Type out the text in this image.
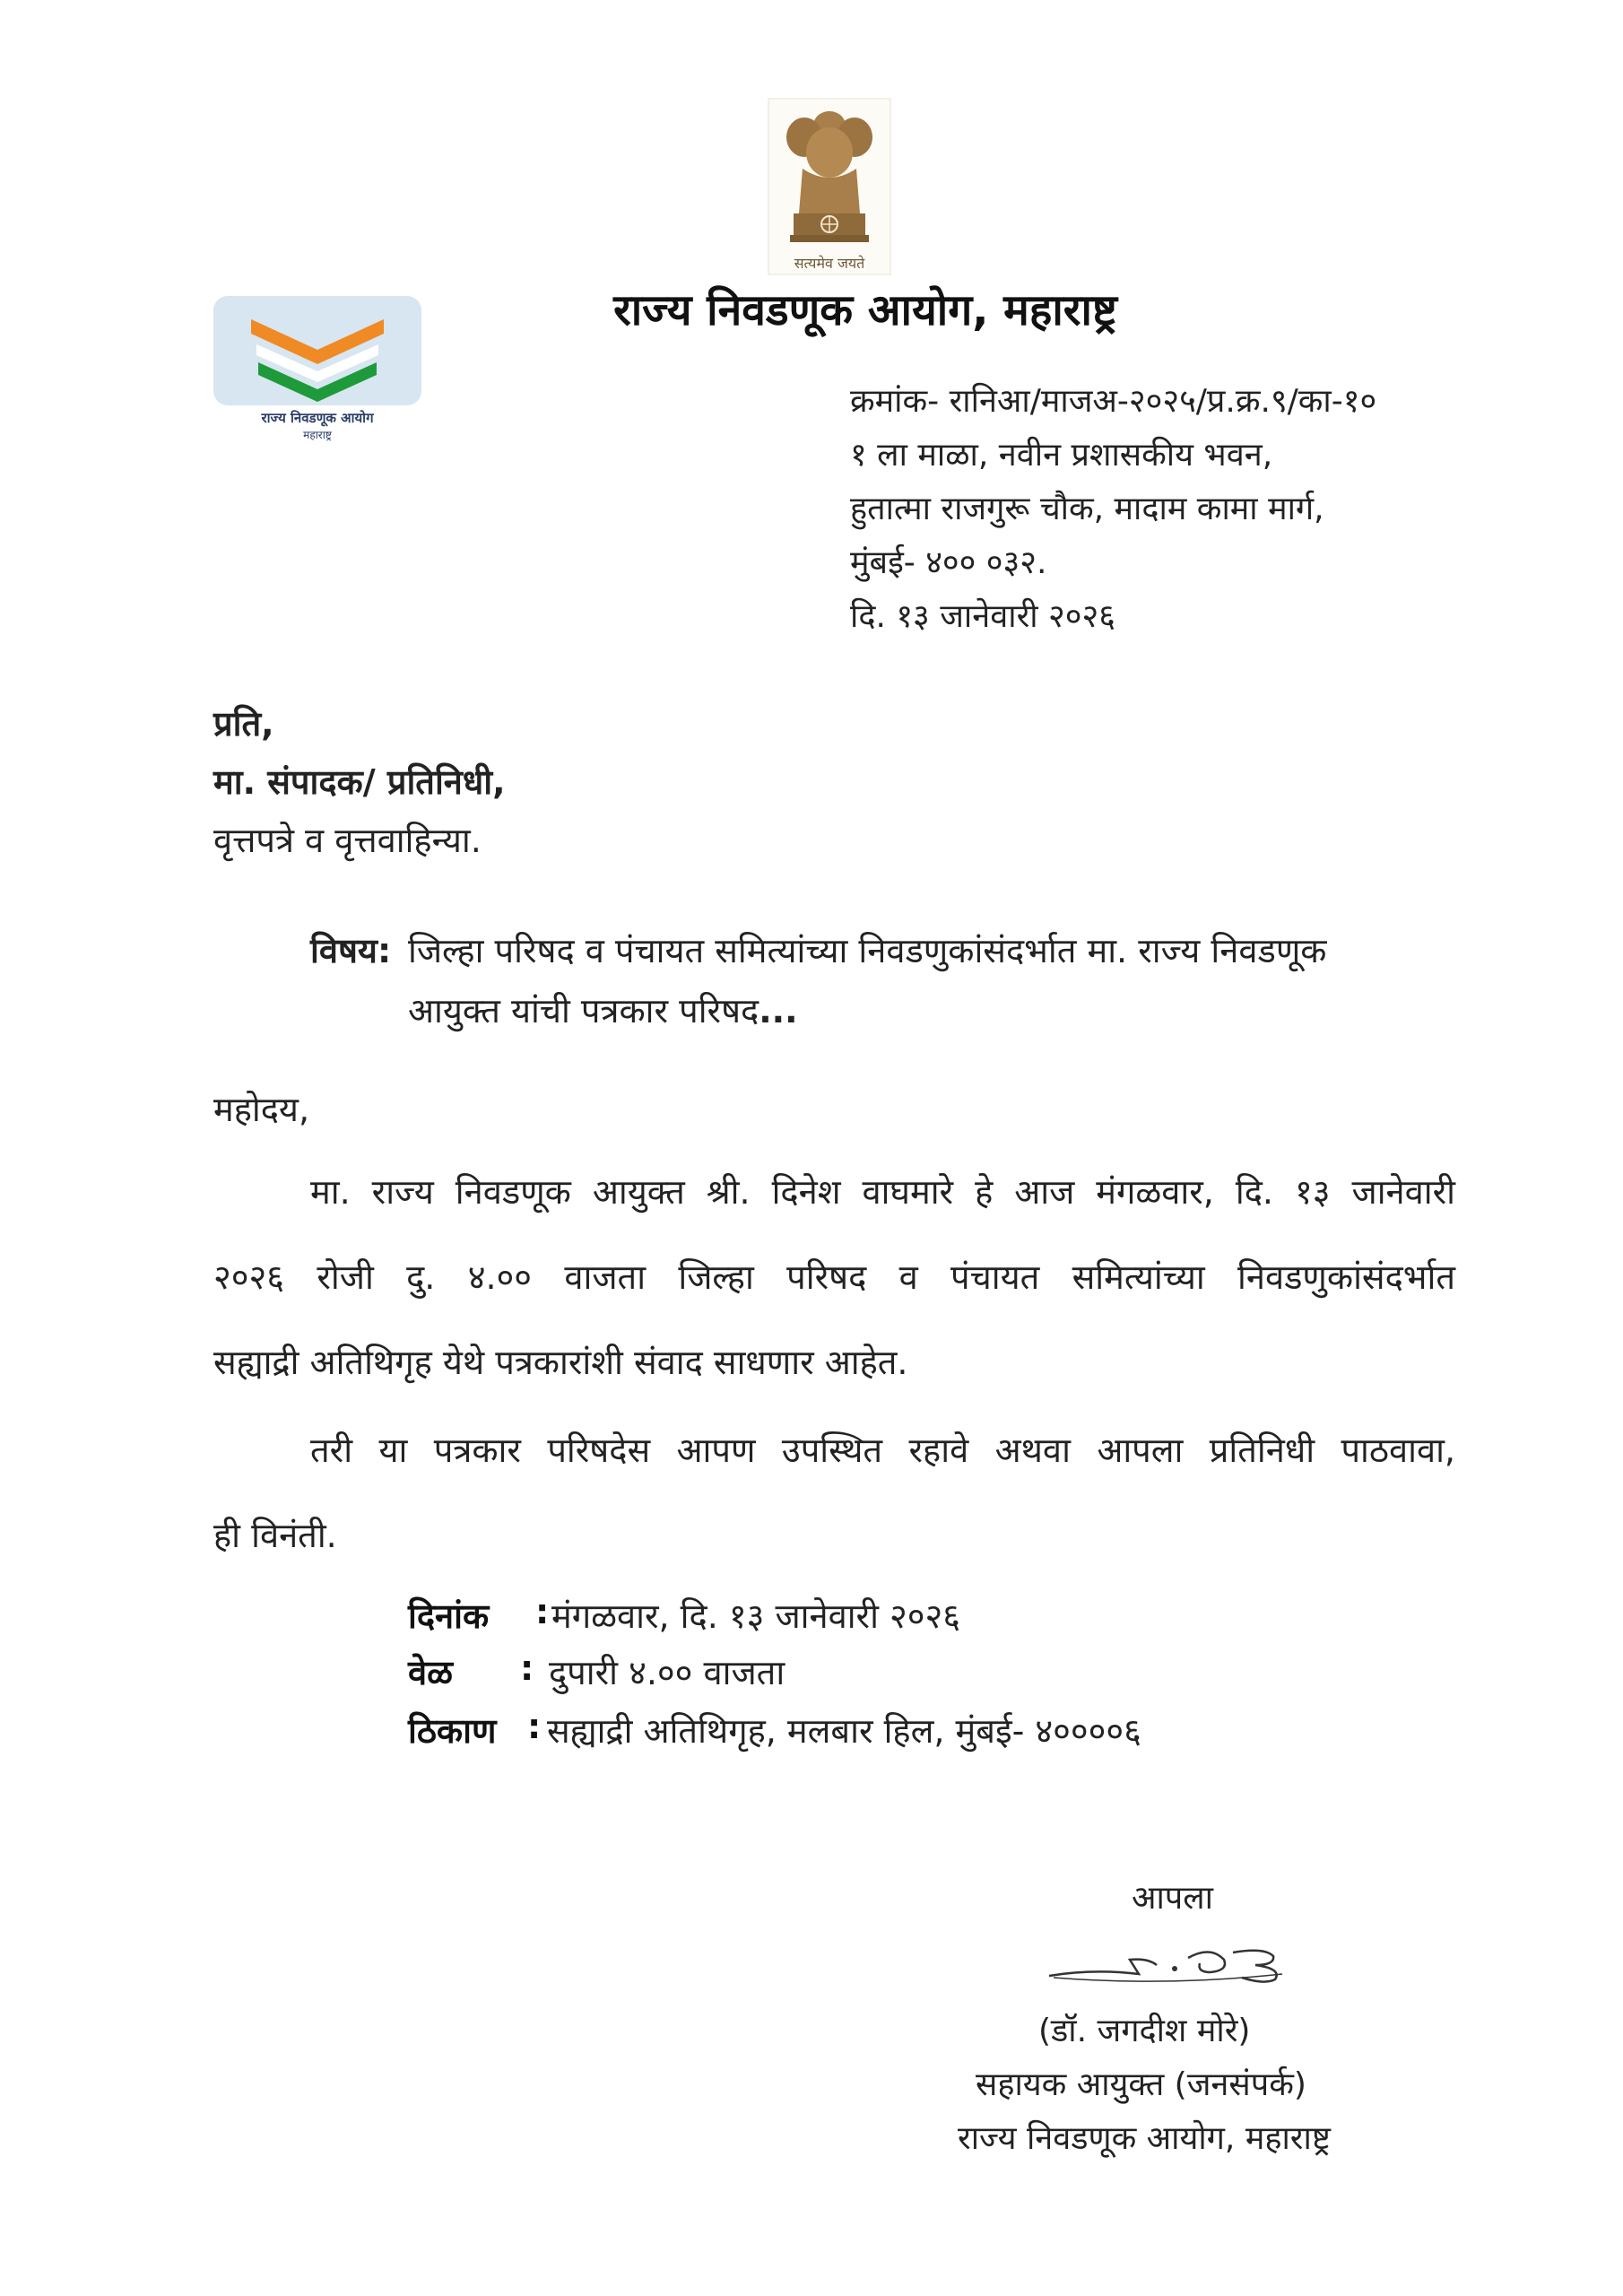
सत्यमेव जयते
राज्य निवडणूक आयोग
महाराष्ट्र
राज्य निवडणूक आयोग, महाराष्ट्र
क्रमांक- रानिआ/माजअ-२०२५/प्र.क्र.९/का-१०
१ ला माळा, नवीन प्रशासकीय भवन,
हुतात्मा राजगुरू चौक, मादाम कामा मार्ग,
मुंबई- ४०० ०३२.
दि. १३ जानेवारी २०२६
प्रति,
मा. संपादक/ प्रतिनिधी,
वृत्तपत्रे व वृत्तवाहिन्या.
विषय: जिल्हा परिषद व पंचायत समित्यांच्या निवडणुकांसंदर्भात मा. राज्य निवडणूक
आयुक्त यांची पत्रकार परिषद...
महोदय,
मा. राज्य निवडणूक आयुक्त श्री. दिनेश वाघमारे हे आज मंगळवार, दि. १३ जानेवारी
२०२६ रोजी दु. ४.०० वाजता जिल्हा परिषद व पंचायत समित्यांच्या निवडणुकांसंदर्भात
सह्याद्री अतिथिगृह येथे पत्रकारांशी संवाद साधणार आहेत.
तरी या पत्रकार परिषदेस आपण उपस्थित रहावे अथवा आपला प्रतिनिधी पाठवावा,
ही विनंती.
दिनांक : मंगळवार, दि. १३ जानेवारी २०२६
वेळ : दुपारी ४.०० वाजता
ठिकाण : सह्याद्री अतिथिगृह, मलबार हिल, मुंबई- ४००००६
आपला
(डॉ. जगदीश मोरे)
सहायक आयुक्त (जनसंपर्क)
राज्य निवडणूक आयोग, महाराष्ट्र
